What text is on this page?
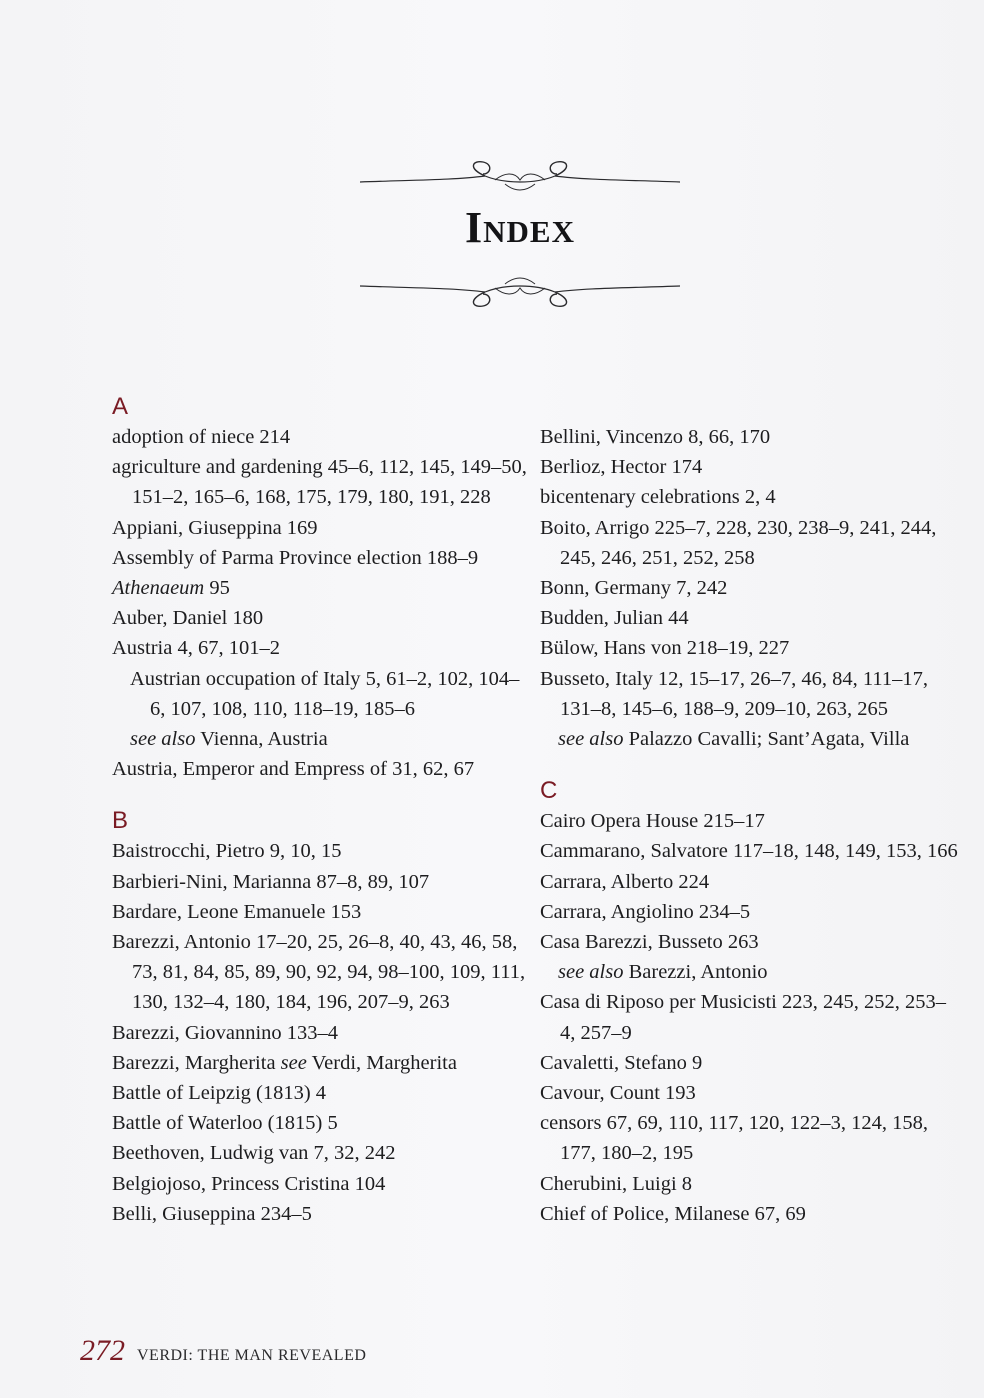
Index
A
adoption of niece 214
agriculture and gardening 45–6, 112, 145, 149–50, 151–2, 165–6, 168, 175, 179, 180, 191, 228
Appiani, Giuseppina 169
Assembly of Parma Province election 188–9
Athenaeum 95
Auber, Daniel 180
Austria 4, 67, 101–2
Austrian occupation of Italy 5, 61–2, 102, 104–6, 107, 108, 110, 118–19, 185–6
see also Vienna, Austria
Austria, Emperor and Empress of 31, 62, 67
B
Baistrocchi, Pietro 9, 10, 15
Barbieri-Nini, Marianna 87–8, 89, 107
Bardare, Leone Emanuele 153
Barezzi, Antonio 17–20, 25, 26–8, 40, 43, 46, 58, 73, 81, 84, 85, 89, 90, 92, 94, 98–100, 109, 111, 130, 132–4, 180, 184, 196, 207–9, 263
Barezzi, Giovannino 133–4
Barezzi, Margherita see Verdi, Margherita
Battle of Leipzig (1813) 4
Battle of Waterloo (1815) 5
Beethoven, Ludwig van 7, 32, 242
Belgiojoso, Princess Cristina 104
Belli, Giuseppina 234–5
Bellini, Vincenzo 8, 66, 170
Berlioz, Hector 174
bicentenary celebrations 2, 4
Boito, Arrigo 225–7, 228, 230, 238–9, 241, 244, 245, 246, 251, 252, 258
Bonn, Germany 7, 242
Budden, Julian 44
Bülow, Hans von 218–19, 227
Busseto, Italy 12, 15–17, 26–7, 46, 84, 111–17, 131–8, 145–6, 188–9, 209–10, 263, 265
see also Palazzo Cavalli; Sant’Agata, Villa
C
Cairo Opera House 215–17
Cammarano, Salvatore 117–18, 148, 149, 153, 166
Carrara, Alberto 224
Carrara, Angiolino 234–5
Casa Barezzi, Busseto 263
see also Barezzi, Antonio
Casa di Riposo per Musicisti 223, 245, 252, 253–4, 257–9
Cavaletti, Stefano 9
Cavour, Count 193
censors 67, 69, 110, 117, 120, 122–3, 124, 158, 177, 180–2, 195
Cherubini, Luigi 8
Chief of Police, Milanese 67, 69
272 VERDI: THE MAN REVEALED
